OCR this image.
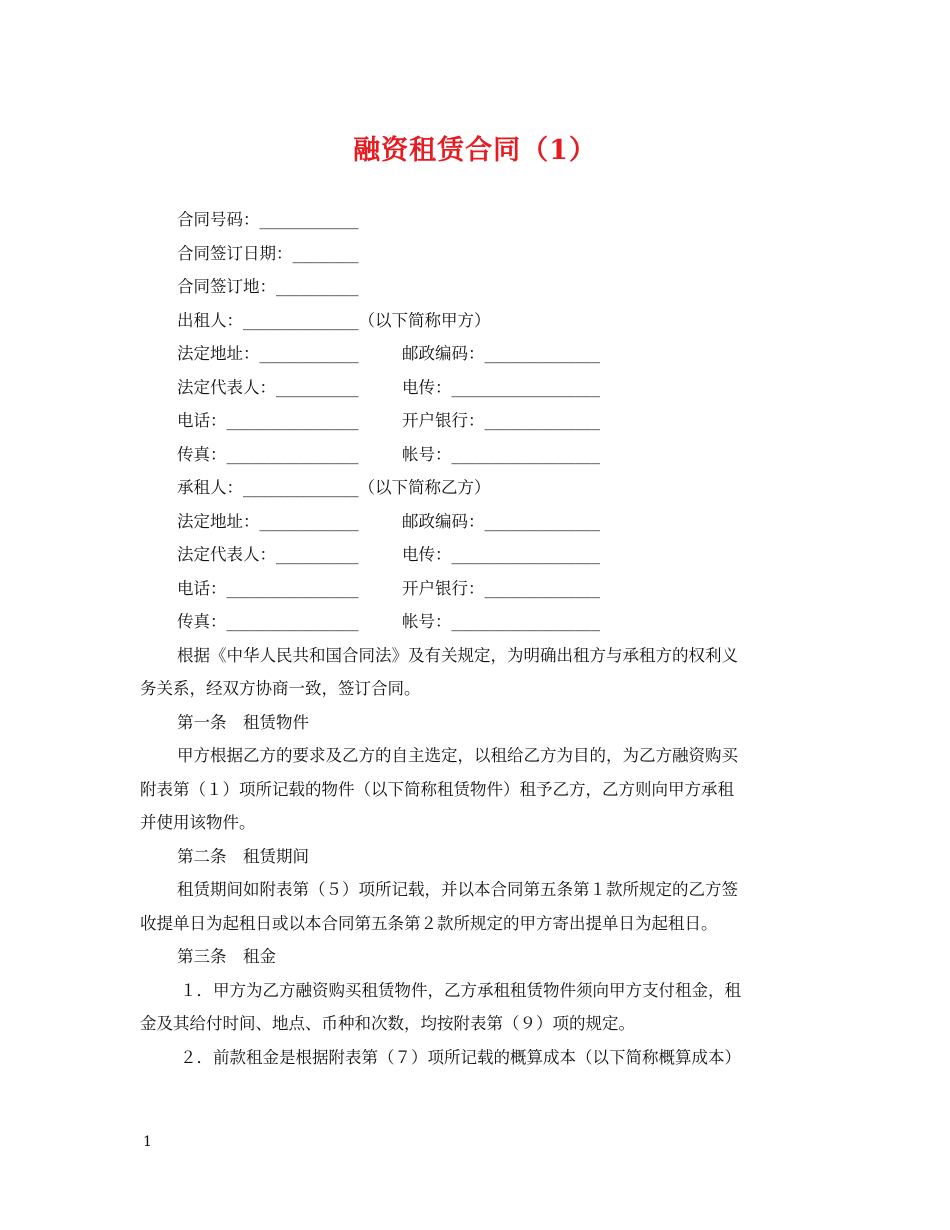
融资租赁合同（1）
合同号码：____________
合同签订日期：________
合同签订地：__________
出租人：______________（以下简称甲方）
法定地址：____________	邮政编码：______________
法定代表人：__________	电传：__________________
电话：________________	开户银行：______________
传真：________________	帐号：__________________
承租人：______________（以下简称乙方）
法定地址：____________	邮政编码：______________
法定代表人：__________	电传：__________________
电话：________________	开户银行：______________
传真：________________	帐号：__________________
根据《中华人民共和国合同法》及有关规定，为明确出租方与承租方的权利义
务关系，经双方协商一致，签订合同。
第一条　租赁物件
甲方根据乙方的要求及乙方的自主选定，以租给乙方为目的，为乙方融资购买
附表第（１）项所记载的物件（以下简称租赁物件）租予乙方，乙方则向甲方承租
并使用该物件。
第二条　租赁期间
租赁期间如附表第（５）项所记载，并以本合同第五条第１款所规定的乙方签
收提单日为起租日或以本合同第五条第２款所规定的甲方寄出提单日为起租日。
第三条　租金
１．甲方为乙方融资购买租赁物件，乙方承租租赁物件须向甲方支付租金，租
金及其给付时间、地点、币种和次数，均按附表第（９）项的规定。
２．前款租金是根据附表第（７）项所记载的概算成本（以下简称概算成本）
1
